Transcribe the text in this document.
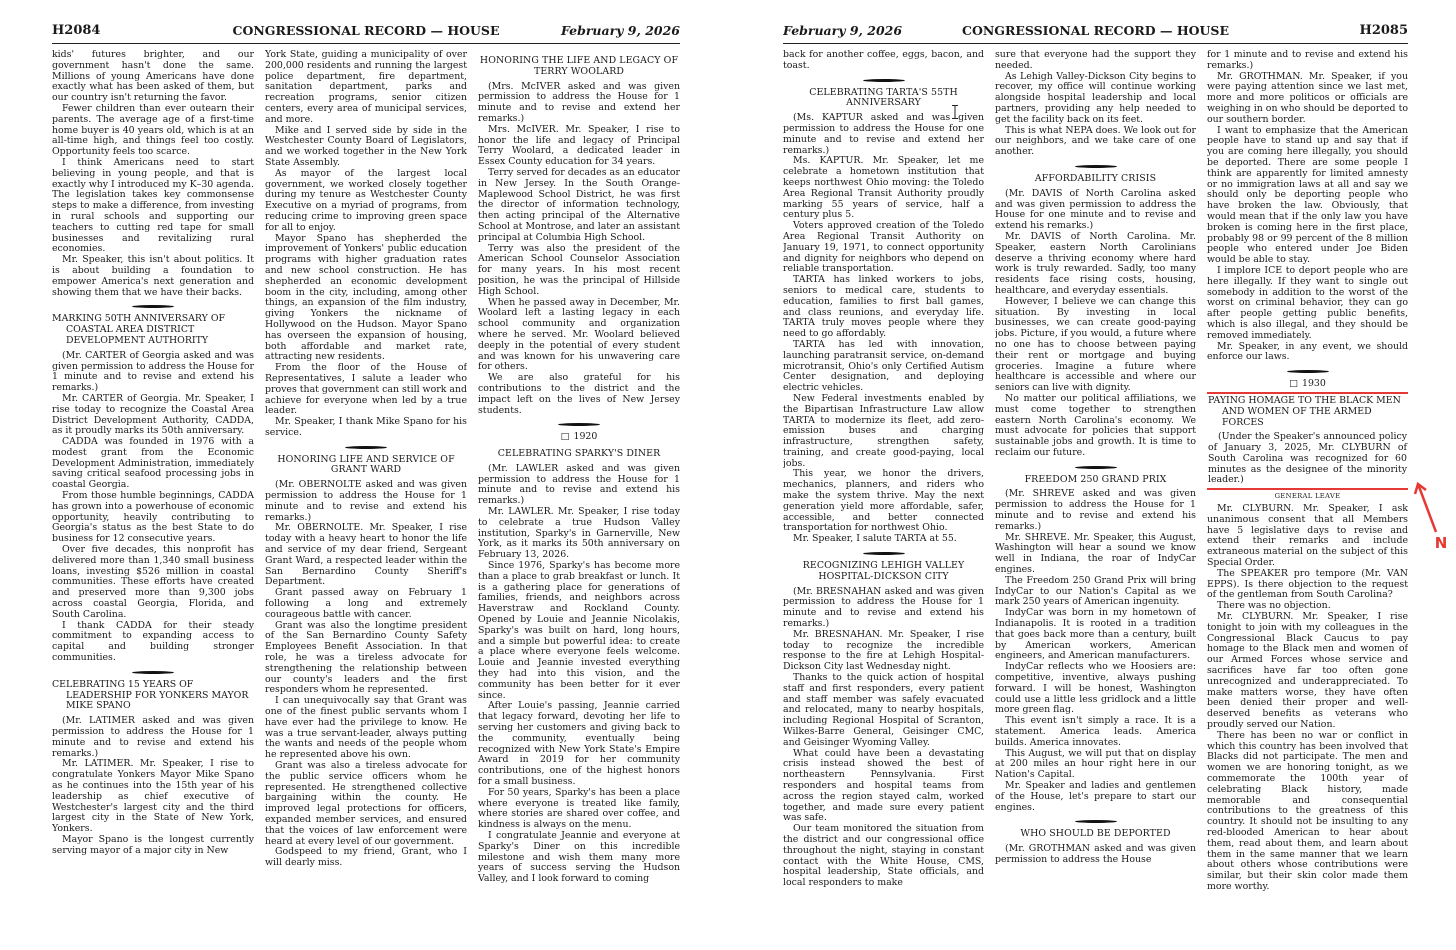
H2084	CONGRESSIONAL RECORD — HOUSE	February 9, 2026

kids' futures brighter, and our government hasn't done the same. Millions of young Americans have done exactly what has been asked of them, but our country isn't returning the favor.

Fewer children than ever outearn their parents. The average age of a first-time home buyer is 40 years old, which is at an all-time high, and things feel too costly. Opportunity feels too scarce.

I think Americans need to start believing in young people, and that is exactly why I introduced my K–30 agenda. The legislation takes key commonsense steps to make a difference, from investing in rural schools and supporting our teachers to cutting red tape for small businesses and revitalizing rural economies.

Mr. Speaker, this isn't about politics. It is about building a foundation to empower America's next generation and showing them that we have their backs.

MARKING 50TH ANNIVERSARY OF COASTAL AREA DISTRICT DEVELOPMENT AUTHORITY

(Mr. CARTER of Georgia asked and was given permission to address the House for 1 minute and to revise and extend his remarks.)

Mr. CARTER of Georgia. Mr. Speaker, I rise today to recognize the Coastal Area District Development Authority, CADDA, as it proudly marks its 50th anniversary.

CADDA was founded in 1976 with a modest grant from the Economic Development Administration, immediately saving critical seafood processing jobs in coastal Georgia.

From those humble beginnings, CADDA has grown into a powerhouse of economic opportunity, heavily contributing to Georgia's status as the best State to do business for 12 consecutive years.

Over five decades, this nonprofit has delivered more than 1,340 small business loans, investing $526 million in coastal communities. These efforts have created and preserved more than 9,300 jobs across coastal Georgia, Florida, and South Carolina.

I thank CADDA for their steady commitment to expanding access to capital and building stronger communities.

CELEBRATING 15 YEARS OF LEADERSHIP FOR YONKERS MAYOR MIKE SPANO

(Mr. LATIMER asked and was given permission to address the House for 1 minute and to revise and extend his remarks.)

Mr. LATIMER. Mr. Speaker, I rise to congratulate Yonkers Mayor Mike Spano as he continues into the 15th year of his leadership as chief executive of Westchester's largest city and the third largest city in the State of New York, Yonkers.

Mayor Spano is the longest currently serving mayor of a major city in New

York State, guiding a municipality of over 200,000 residents and running the largest police department, fire department, sanitation department, parks and recreation programs, senior citizen centers, every area of municipal services, and more.

Mike and I served side by side in the Westchester County Board of Legislators, and we worked together in the New York State Assembly.

As mayor of the largest local government, we worked closely together during my tenure as Westchester County Executive on a myriad of programs, from reducing crime to improving green space for all to enjoy.

Mayor Spano has shepherded the improvement of Yonkers' public education programs with higher graduation rates and new school construction. He has shepherded an economic development boom in the city, including, among other things, an expansion of the film industry, giving Yonkers the nickname of Hollywood on the Hudson. Mayor Spano has overseen the expansion of housing, both affordable and market rate, attracting new residents.

From the floor of the House of Representatives, I salute a leader who proves that government can still work and achieve for everyone when led by a true leader.

Mr. Speaker, I thank Mike Spano for his service.

HONORING LIFE AND SERVICE OF GRANT WARD

(Mr. OBERNOLTE asked and was given permission to address the House for 1 minute and to revise and extend his remarks.)

Mr. OBERNOLTE. Mr. Speaker, I rise today with a heavy heart to honor the life and service of my dear friend, Sergeant Grant Ward, a respected leader within the San Bernardino County Sheriff's Department.

Grant passed away on February 1 following a long and extremely courageous battle with cancer.

Grant was also the longtime president of the San Bernardino County Safety Employees Benefit Association. In that role, he was a tireless advocate for strengthening the relationship between our county's leaders and the first responders whom he represented.

I can unequivocally say that Grant was one of the finest public servants whom I have ever had the privilege to know. He was a true servant-leader, always putting the wants and needs of the people whom he represented above his own.

Grant was also a tireless advocate for the public service officers whom he represented. He strengthened collective bargaining within the county. He improved legal protections for officers, expanded member services, and ensured that the voices of law enforcement were heard at every level of our government.

Godspeed to my friend, Grant, who I will dearly miss.

HONORING THE LIFE AND LEGACY OF TERRY WOOLARD

(Mrs. McIVER asked and was given permission to address the House for 1 minute and to revise and extend her remarks.)

Mrs. McIVER. Mr. Speaker, I rise to honor the life and legacy of Principal Terry Woolard, a dedicated leader in Essex County education for 34 years.

Terry served for decades as an educator in New Jersey. In the South Orange-Maplewood School District, he was first the director of information technology, then acting principal of the Alternative School at Montrose, and later an assistant principal at Columbia High School.

Terry was also the president of the American School Counselor Association for many years. In his most recent position, he was the principal of Hillside High School.

When he passed away in December, Mr. Woolard left a lasting legacy in each school community and organization where he served. Mr. Woolard believed deeply in the potential of every student and was known for his unwavering care for others.

We are also grateful for his contributions to the district and the impact left on the lives of New Jersey students.

□ 1920
CELEBRATING SPARKY'S DINER

(Mr. LAWLER asked and was given permission to address the House for 1 minute and to revise and extend his remarks.)

Mr. LAWLER. Mr. Speaker, I rise today to celebrate a true Hudson Valley institution, Sparky's in Garnerville, New York, as it marks its 50th anniversary on February 13, 2026.

Since 1976, Sparky's has become more than a place to grab breakfast or lunch. It is a gathering place for generations of families, friends, and neighbors across Haverstraw and Rockland County. Opened by Louie and Jeannie Nicolakis, Sparky's was built on hard, long hours, and a simple but powerful idea: to create a place where everyone feels welcome. Louie and Jeannie invested everything they had into this vision, and the community has been better for it ever since.

After Louie's passing, Jeannie carried that legacy forward, devoting her life to serving her customers and giving back to the community, eventually being recognized with New York State's Empire Award in 2019 for her community contributions, one of the highest honors for a small business.

For 50 years, Sparky's has been a place where everyone is treated like family, where stories are shared over coffee, and kindness is always on the menu.

I congratulate Jeannie and everyone at Sparky's Diner on this incredible milestone and wish them many more years of success serving the Hudson Valley, and I look forward to coming

February 9, 2026	CONGRESSIONAL RECORD — HOUSE	H2085

back for another coffee, eggs, bacon, and toast.

CELEBRATING TARTA'S 55TH ANNIVERSARY

(Ms. KAPTUR asked and was given permission to address the House for one minute and to revise and extend her remarks.)

Ms. KAPTUR. Mr. Speaker, let me celebrate a hometown institution that keeps northwest Ohio moving: the Toledo Area Regional Transit Authority proudly marking 55 years of service, half a century plus 5.

Voters approved creation of the Toledo Area Regional Transit Authority on January 19, 1971, to connect opportunity and dignity for neighbors who depend on reliable transportation.

TARTA has linked workers to jobs, seniors to medical care, students to education, families to first ball games, and class reunions, and everyday life. TARTA truly moves people where they need to go affordably.

TARTA has led with innovation, launching paratransit service, on-demand microtransit, Ohio's only Certified Autism Center designation, and deploying electric vehicles.

New Federal investments enabled by the Bipartisan Infrastructure Law allow TARTA to modernize its fleet, add zero-emission buses and charging infrastructure, strengthen safety, training, and create good-paying, local jobs.

This year, we honor the drivers, mechanics, planners, and riders who make the system thrive. May the next generation yield more affordable, safer, accessible, and better connected transportation for northwest Ohio.

Mr. Speaker, I salute TARTA at 55.

RECOGNIZING LEHIGH VALLEY HOSPITAL-DICKSON CITY

(Mr. BRESNAHAN asked and was given permission to address the House for 1 minute and to revise and extend his remarks.)

Mr. BRESNAHAN. Mr. Speaker, I rise today to recognize the incredible response to the fire at Lehigh Hospital-Dickson City last Wednesday night.

Thanks to the quick action of hospital staff and first responders, every patient and staff member was safely evacuated and relocated, many to nearby hospitals, including Regional Hospital of Scranton, Wilkes-Barre General, Geisinger CMC, and Geisinger Wyoming Valley.

What could have been a devastating crisis instead showed the best of northeastern Pennsylvania. First responders and hospital teams from across the region stayed calm, worked together, and made sure every patient was safe.

Our team monitored the situation from the district and our congressional office throughout the night, staying in constant contact with the White House, CMS, hospital leadership, State officials, and local responders to make

sure that everyone had the support they needed.

As Lehigh Valley-Dickson City begins to recover, my office will continue working alongside hospital leadership and local partners, providing any help needed to get the facility back on its feet.

This is what NEPA does. We look out for our neighbors, and we take care of one another.

AFFORDABILITY CRISIS

(Mr. DAVIS of North Carolina asked and was given permission to address the House for one minute and to revise and extend his remarks.)

Mr. DAVIS of North Carolina. Mr. Speaker, eastern North Carolinians deserve a thriving economy where hard work is truly rewarded. Sadly, too many residents face rising costs, housing, healthcare, and everyday essentials.

However, I believe we can change this situation. By investing in local businesses, we can create good-paying jobs. Picture, if you would, a future where no one has to choose between paying their rent or mortgage and buying groceries. Imagine a future where healthcare is accessible and where our seniors can live with dignity.

No matter our political affiliations, we must come together to strengthen eastern North Carolina's economy. We must advocate for policies that support sustainable jobs and growth. It is time to reclaim our future.

FREEDOM 250 GRAND PRIX

(Mr. SHREVE asked and was given permission to address the House for 1 minute and to revise and extend his remarks.)

Mr. SHREVE. Mr. Speaker, this August, Washington will hear a sound we know well in Indiana, the roar of IndyCar engines.

The Freedom 250 Grand Prix will bring IndyCar to our Nation's Capital as we mark 250 years of American ingenuity.

IndyCar was born in my hometown of Indianapolis. It is rooted in a tradition that goes back more than a century, built by American workers, American engineers, and American manufacturers.

IndyCar reflects who we Hoosiers are: competitive, inventive, always pushing forward. I will be honest, Washington could use a little less gridlock and a little more green flag.

This event isn't simply a race. It is a statement. America leads. America builds. America innovates.

This August, we will put that on display at 200 miles an hour right here in our Nation's Capital.

Mr. Speaker and ladies and gentlemen of the House, let's prepare to start our engines.

WHO SHOULD BE DEPORTED

(Mr. GROTHMAN asked and was given permission to address the House

for 1 minute and to revise and extend his remarks.)

Mr. GROTHMAN. Mr. Speaker, if you were paying attention since we last met, more and more politicos or officials are weighing in on who should be deported to our southern border.

I want to emphasize that the American people have to stand up and say that if you are coming here illegally, you should be deported. There are some people I think are apparently for limited amnesty or no immigration laws at all and say we should only be deporting people who have broken the law. Obviously, that would mean that if the only law you have broken is coming here in the first place, probably 98 or 99 percent of the 8 million people who entered under Joe Biden would be able to stay.

I implore ICE to deport people who are here illegally. If they want to single out somebody in addition to the worst of the worst on criminal behavior, they can go after people getting public benefits, which is also illegal, and they should be removed immediately.

Mr. Speaker, in any event, we should enforce our laws.

□ 1930
PAYING HOMAGE TO THE BLACK MEN AND WOMEN OF THE ARMED FORCES

(Under the Speaker's announced policy of January 3, 2025, Mr. CLYBURN of South Carolina was recognized for 60 minutes as the designee of the minority leader.)

GENERAL LEAVE

Mr. CLYBURN. Mr. Speaker, I ask unanimous consent that all Members have 5 legislative days to revise and extend their remarks and include extraneous material on the subject of this Special Order.

The SPEAKER pro tempore (Mr. VAN EPPS). Is there objection to the request of the gentleman from South Carolina?

There was no objection.

Mr. CLYBURN. Mr. Speaker, I rise tonight to join with my colleagues in the Congressional Black Caucus to pay homage to the Black men and women of our Armed Forces whose service and sacrifices have far too often gone unrecognized and underappreciated. To make matters worse, they have often been denied their proper and well-deserved benefits as veterans who proudly served our Nation.

There has been no war or conflict in which this country has been involved that Blacks did not participate. The men and women we are honoring tonight, as we commemorate the 100th year of celebrating Black history, made memorable and consequential contributions to the greatness of this country. It should not be insulting to any red-blooded American to hear about them, read about them, and learn about them in the same manner that we learn about others whose contributions were similar, but their skin color made them more worthy.

N
